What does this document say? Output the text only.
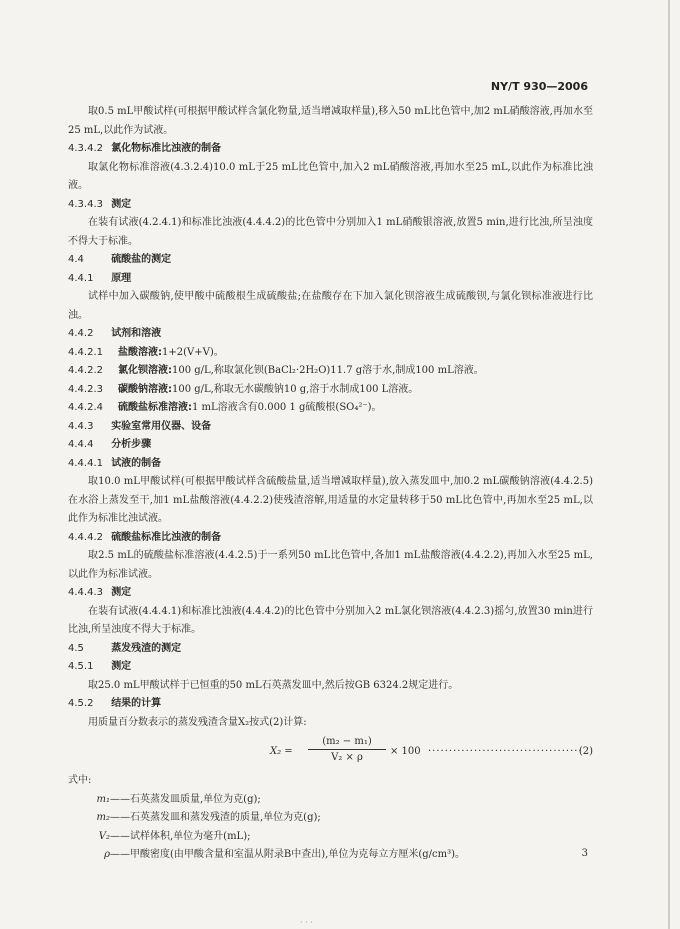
NY/T 930—2006

取0.5 mL甲酸试样(可根据甲酸试样含氯化物量,适当增减取样量),移入50 mL比色管中,加2 mL硝酸溶液,再加水至25 mL,以此作为试液。

4.3.4.2 氯化物标准比浊液的制备

取氯化物标准溶液(4.3.2.4)10.0 mL于25 mL比色管中,加入2 mL硝酸溶液,再加水至25 mL,以此作为标准比浊液。

4.3.4.3 测定

在装有试液(4.2.4.1)和标准比浊液(4.4.4.2)的比色管中分别加入1 mL硝酸银溶液,放置5 min,进行比浊,所呈浊度不得大于标准。

4.4	硫酸盐的测定

4.4.1 原理

试样中加入碳酸钠,使甲酸中硫酸根生成硫酸盐;在盐酸存在下加入氯化钡溶液生成硫酸钡,与氯化钡标准液进行比浊。

4.4.2 试剂和溶液

4.4.2.1 盐酸溶液:1+2(V+V)。

4.4.2.2 氯化钡溶液:100 g/L,称取氯化钡(BaCl₂·2H₂O)11.7 g溶于水,制成100 mL溶液。

4.4.2.3 碳酸钠溶液:100 g/L,称取无水碳酸钠10 g,溶于水制成100 L溶液。

4.4.2.4 硫酸盐标准溶液:1 mL溶液含有0.000 1 g硫酸根(SO₄²⁻)。

4.4.3 实验室常用仪器、设备

4.4.4 分析步骤

4.4.4.1 试液的制备

取10.0 mL甲酸试样(可根据甲酸试样含硫酸盐量,适当增减取样量),放入蒸发皿中,加0.2 mL碳酸钠溶液(4.4.2.5)在水浴上蒸发至干,加1 mL盐酸溶液(4.4.2.2)使残渣溶解,用适量的水定量转移于50 mL比色管中,再加水至25 mL,以此作为标准比浊试液。

4.4.4.2 硫酸盐标准比浊液的制备

取2.5 mL的硫酸盐标准溶液(4.4.2.5)于一系列50 mL比色管中,各加1 mL盐酸溶液(4.4.2.2),再加入水至25 mL,以此作为标准试液。

4.4.4.3 测定

在装有试液(4.4.4.1)和标准比浊液(4.4.4.2)的比色管中分别加入2 mL氯化钡溶液(4.4.2.3)摇匀,放置30 min进行比浊,所呈浊度不得大于标准。

4.5	蒸发残渣的测定

4.5.1 测定

取25.0 mL甲酸试样于已恒重的50 mL石英蒸发皿中,然后按GB 6324.2规定进行。

4.5.2 结果的计算

用质量百分数表示的蒸发残渣含量X₂按式(2)计算:

$X_2 = \frac{\text{(m₂ − m₁)}}{\text{V₂ × ρ}} \times 100$ ·····································
(2)

式中:

m₁——石英蒸发皿质量,单位为克(g);

m₂——石英蒸发皿和蒸发残渣的质量,单位为克(g);

V₂——试样体积,单位为毫升(mL);

ρ——甲酸密度(由甲酸含量和室温从附录B中查出),单位为克每立方厘米(g/cm³)。	3
· · ·
